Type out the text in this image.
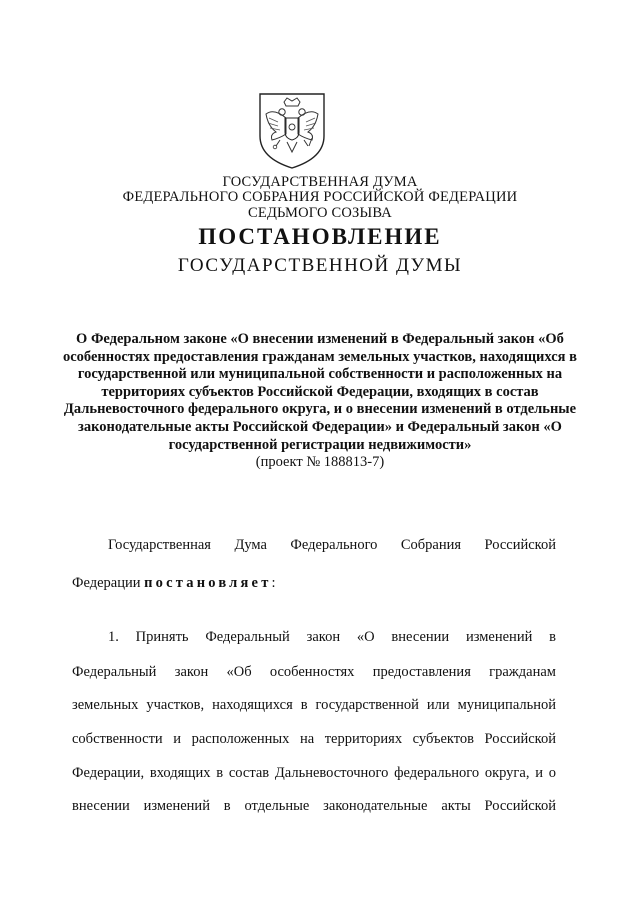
ГОСУДАРСТВЕННАЯ ДУМА
ФЕДЕРАЛЬНОГО СОБРАНИЯ РОССИЙСКОЙ ФЕДЕРАЦИИ
СЕДЬМОГО СОЗЫВА
ПОСТАНОВЛЕНИЕ
ГОСУДАРСТВЕННОЙ ДУМЫ
О Федеральном законе «О внесении изменений в Федеральный закон «Об особенностях предоставления гражданам земельных участков, находящихся в государственной или муниципальной собственности и расположенных на территориях субъектов Российской Федерации, входящих в состав Дальневосточного федерального округа, и о внесении изменений в отдельные законодательные акты Российской Федерации» и Федеральный закон «О государственной регистрации недвижимости»
(проект № 188813-7)
Государственная Дума Федерального Собрания Российской
Федерации постановляет:
1. Принять Федеральный закон «О внесении изменений в
Федеральный закон «Об особенностях предоставления гражданам
земельных участков, находящихся в государственной или муниципальной
собственности и расположенных на территориях субъектов Российской
Федерации, входящих в состав Дальневосточного федерального округа, и о
внесении изменений в отдельные законодательные акты Российской
